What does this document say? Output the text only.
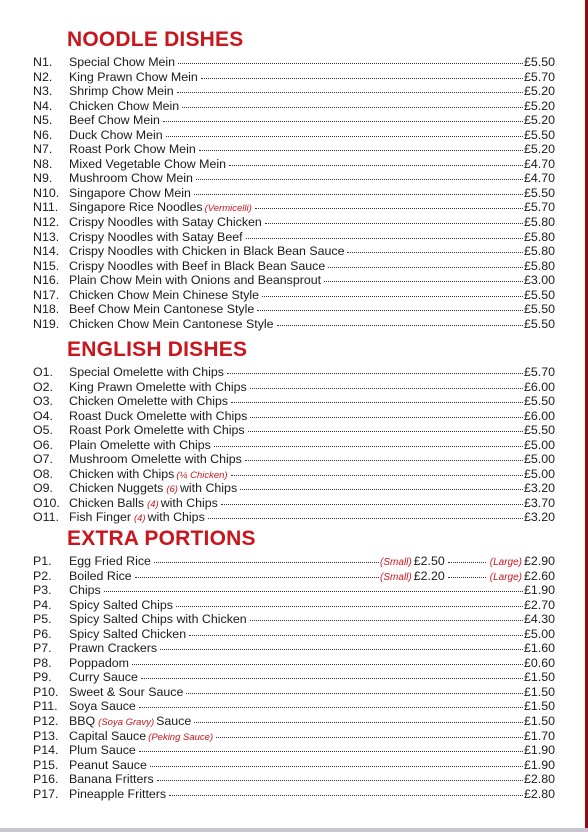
NOODLE DISHES
N1.	Special Chow Mein	£5.50
N2.	King Prawn Chow Mein	£5.70
N3.	Shrimp Chow Mein	£5.20
N4.	Chicken Chow Mein	£5.20
N5.	Beef Chow Mein	£5.20
N6.	Duck Chow Mein	£5.50
N7.	Roast Pork Chow Mein	£5.20
N8.	Mixed Vegetable Chow Mein	£4.70
N9.	Mushroom Chow Mein	£4.70
N10. Singapore Chow Mein	£5.50
N11. Singapore Rice Noodles (Vermicelli)	£5.70
N12. Crispy Noodles with Satay Chicken	£5.80
N13. Crispy Noodles with Satay Beef	£5.80
N14. Crispy Noodles with Chicken in Black Bean Sauce	£5.80
N15. Crispy Noodles with Beef in Black Bean Sauce	£5.80
N16. Plain Chow Mein with Onions and Beansprout	£3.00
N17. Chicken Chow Mein Chinese Style	£5.50
N18. Beef Chow Mein Cantonese Style	£5.50
N19. Chicken Chow Mein Cantonese Style	£5.50
ENGLISH DISHES
O1.	Special Omelette with Chips	£5.70
O2.	King Prawn Omelette with Chips	£6.00
O3.	Chicken Omelette with Chips	£5.50
O4.	Roast Duck Omelette with Chips	£6.00
O5.	Roast Pork Omelette with Chips	£5.50
O6.	Plain Omelette with Chips	£5.00
O7.	Mushroom Omelette with Chips	£5.00
O8.	Chicken with Chips (¼ Chicken)	£5.00
O9.	Chicken Nuggets (6) with Chips	£3.20
O10. Chicken Balls (4) with Chips	£3.70
O11. Fish Finger (4) with Chips	£3.20
EXTRA PORTIONS
P1.	Egg Fried Rice	(Small) £2.50	(Large) £2.90
P2.	Boiled Rice	(Small) £2.20	(Large) £2.60
P3.	Chips	£1.90
P4.	Spicy Salted Chips	£2.70
P5.	Spicy Salted Chips with Chicken	£4.30
P6.	Spicy Salted Chicken	£5.00
P7.	Prawn Crackers	£1.60
P8.	Poppadom	£0.60
P9.	Curry Sauce	£1.50
P10. Sweet & Sour Sauce	£1.50
P11. Soya Sauce	£1.50
P12. BBQ (Soya Gravy) Sauce	£1.50
P13. Capital Sauce (Peking Sauce)	£1.70
P14. Plum Sauce	£1.90
P15. Peanut Sauce	£1.90
P16. Banana Fritters	£2.80
P17. Pineapple Fritters	£2.80
